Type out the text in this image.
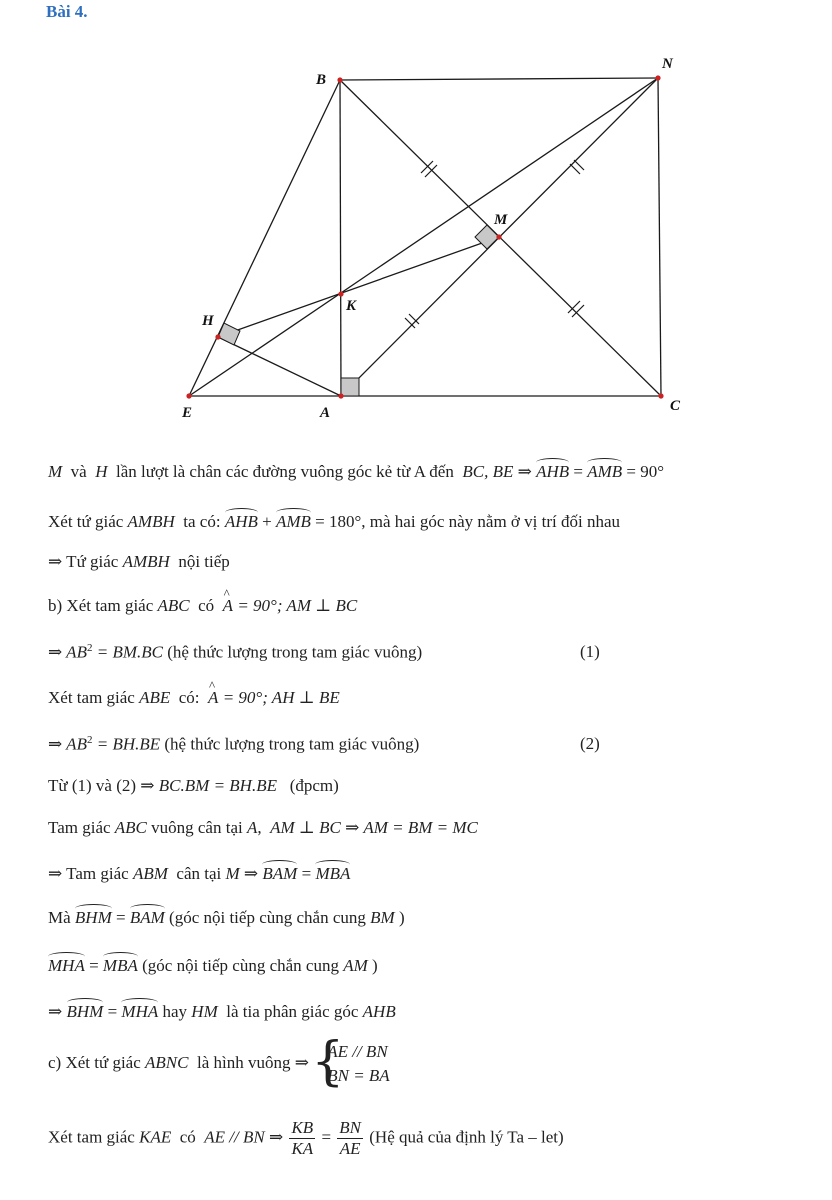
Bài 4.
B
N
M
K
H
E	A	C
M và H lần lượt là chân các đường vuông góc kẻ từ A đến BC, BE ⇒ AHB = AMB = 90°
Xét tứ giác AMBH ta có: AHB + AMB = 180°, mà hai góc này nằm ở vị trí đối nhau
⇒ Tứ giác AMBH nội tiếp
b) Xét tam giác ABC có ^ A = 90°; AM ⊥ BC
⇒ $AB^2 = BM.BC$ (hệ thức lượng trong tam giác vuông)	(1)
Xét tam giác ABE có: ^ A = 90°; AH ⊥ BE
⇒ $AB^2 = BH.BE$ (hệ thức lượng trong tam giác vuông)	(2)
Từ (1) và (2) ⇒ BC.BM = BH.BE (đpcm)
Tam giác ABC vuông cân tại A, AM ⊥ BC ⇒ AM = BM = MC
⇒ Tam giác ABM cân tại M ⇒ BAM = MBA
Mà BHM = BAM (góc nội tiếp cùng chắn cung BM )
MHA = MBA (góc nội tiếp cùng chắn cung AM )
⇒ BHM = MHA hay HM là tia phân giác góc AHB
c) Xét tứ giác ABNC là hình vuông ⇒
{ AE // BN
BN = BA
Xét tam giác KAE có AE // BN ⇒ $\frac{KB}{KA} = \frac{BN}{AE}$ (Hệ quả của định lý Ta – let)
